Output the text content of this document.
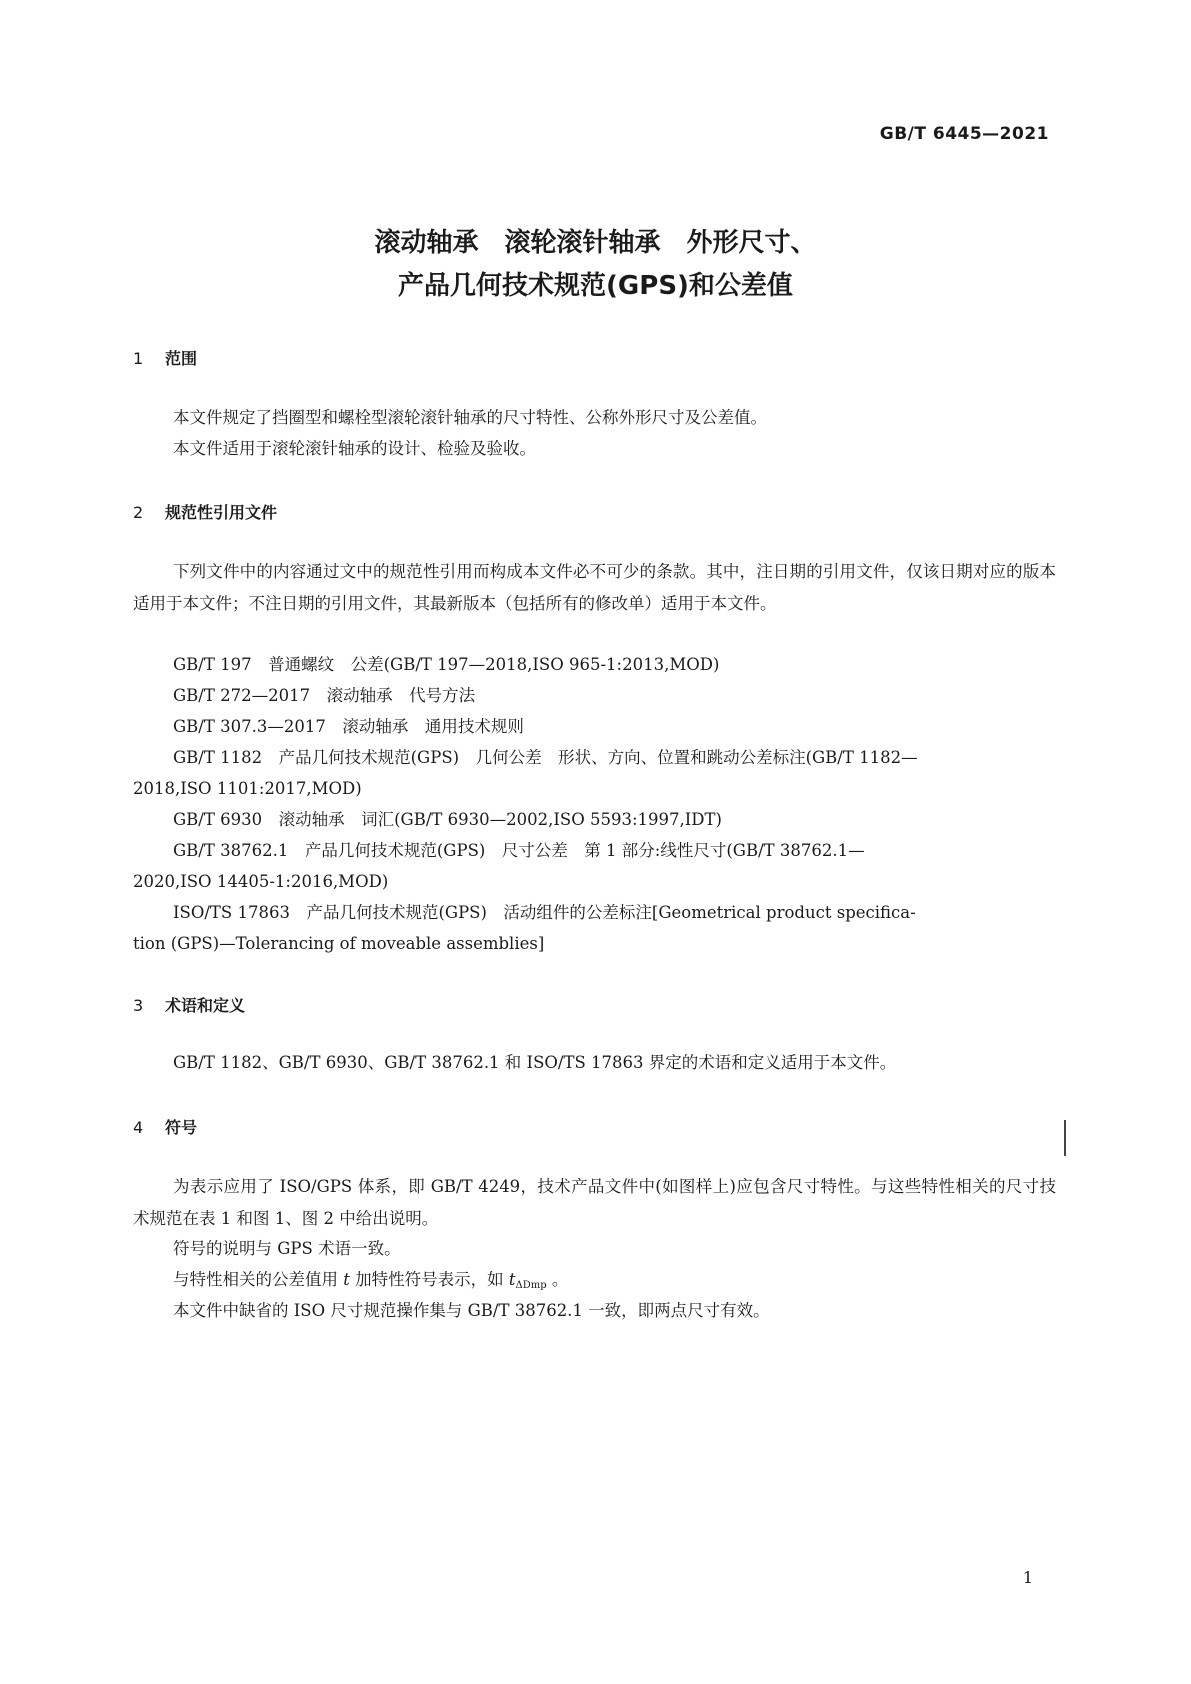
GB/T 6445—2021
滚动轴承　滚轮滚针轴承　外形尺寸、
产品几何技术规范(GPS)和公差值
1 范围

本文件规定了挡圈型和螺栓型滚轮滚针轴承的尺寸特性、公称外形尺寸及公差值。

本文件适用于滚轮滚针轴承的设计、检验及验收。

2 规范性引用文件

下列文件中的内容通过文中的规范性引用而构成本文件必不可少的条款。其中，注日期的引用文件，仅该日期对应的版本适用于本文件；不注日期的引用文件，其最新版本（包括所有的修改单）适用于本文件。

GB/T 197　普通螺纹　公差(GB/T 197—2018,ISO 965-1:2013,MOD)

GB/T 272—2017　滚动轴承　代号方法

GB/T 307.3—2017　滚动轴承　通用技术规则

GB/T 1182　产品几何技术规范(GPS)　几何公差　形状、方向、位置和跳动公差标注(GB/T 1182—

2018,ISO 1101:2017,MOD)

GB/T 6930　滚动轴承　词汇(GB/T 6930—2002,ISO 5593:1997,IDT)

GB/T 38762.1　产品几何技术规范(GPS)　尺寸公差　第 1 部分:线性尺寸(GB/T 38762.1—

2020,ISO 14405-1:2016,MOD)

ISO/TS 17863　产品几何技术规范(GPS)　活动组件的公差标注[Geometrical product specifica-

tion (GPS)—Tolerancing of moveable assemblies]

3 术语和定义

GB/T 1182、GB/T 6930、GB/T 38762.1 和 ISO/TS 17863 界定的术语和定义适用于本文件。

4 符号

为表示应用了 ISO/GPS 体系，即 GB/T 4249，技术产品文件中(如图样上)应包含尺寸特性。与这些特性相关的尺寸技术规范在表 1 和图 1、图 2 中给出说明。

符号的说明与 GPS 术语一致。

与特性相关的公差值用 t 加特性符号表示，如 $t_{\Delta Dmp}$ 。

本文件中缺省的 ISO 尺寸规范操作集与 GB/T 38762.1 一致，即两点尺寸有效。

1
